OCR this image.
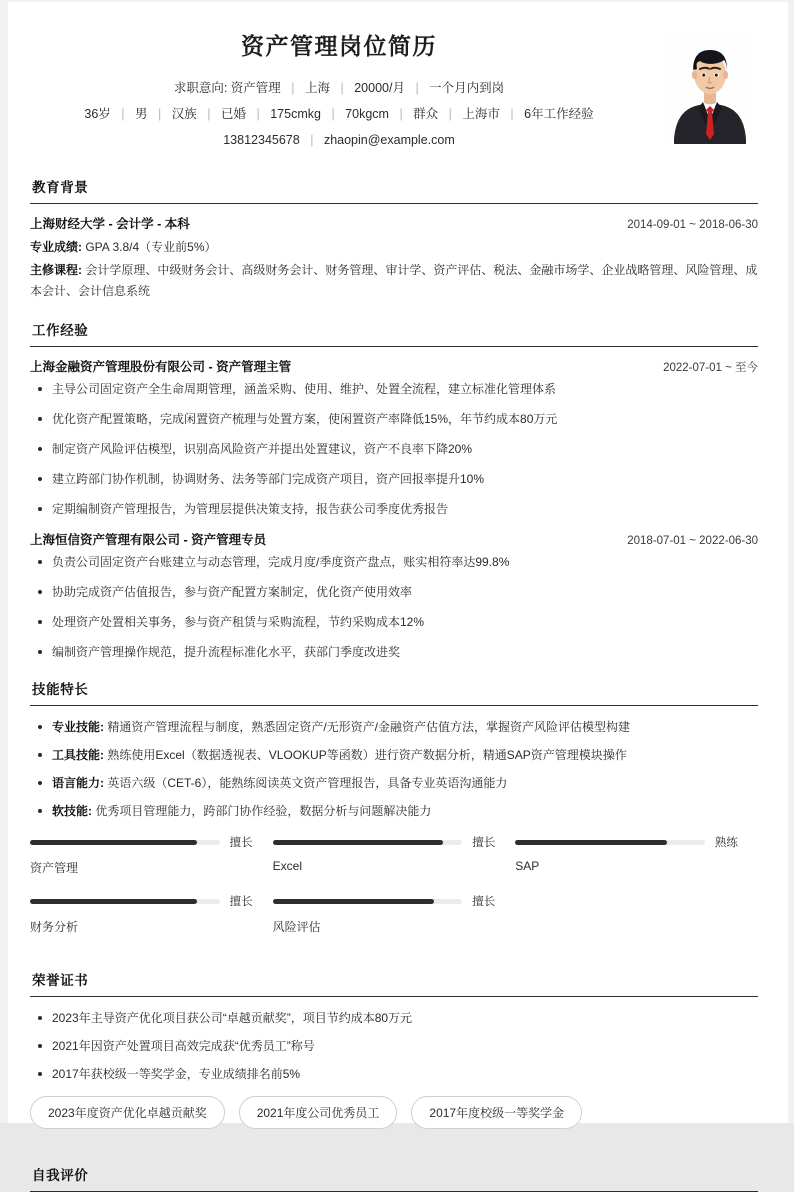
资产管理岗位简历
求职意向: 资产管理 | 上海 | 20000/月 | 一个月内到岗
36岁 | 男 | 汉族 | 已婚 | 175cmkg | 70kgcm | 群众 | 上海市 | 6年工作经验
13812345678 | zhaopin@example.com
教育背景
上海财经大学 - 会计学 - 本科	2014-09-01 ~ 2018-06-30
专业成绩: GPA 3.8/4（专业前5%）
主修课程: 会计学原理、中级财务会计、高级财务会计、财务管理、审计学、资产评估、税法、金融市场学、企业战略管理、风险管理、成本会计、会计信息系统
工作经验
上海金融资产管理股份有限公司 - 资产管理主管	2022-07-01 ~ 至今
主导公司固定资产全生命周期管理，涵盖采购、使用、维护、处置全流程，建立标准化管理体系
优化资产配置策略，完成闲置资产梳理与处置方案，使闲置资产率降低15%，年节约成本80万元
制定资产风险评估模型，识别高风险资产并提出处置建议，资产不良率下降20%
建立跨部门协作机制，协调财务、法务等部门完成资产项目，资产回报率提升10%
定期编制资产管理报告，为管理层提供决策支持，报告获公司季度优秀报告
上海恒信资产管理有限公司 - 资产管理专员	2018-07-01 ~ 2022-06-30
负责公司固定资产台账建立与动态管理，完成月度/季度资产盘点，账实相符率达99.8%
协助完成资产估值报告，参与资产配置方案制定，优化资产使用效率
处理资产处置相关事务，参与资产租赁与采购流程，节约采购成本12%
编制资产管理操作规范，提升流程标准化水平，获部门季度改进奖
技能特长
专业技能: 精通资产管理流程与制度，熟悉固定资产/无形资产/金融资产估值方法，掌握资产风险评估模型构建
工具技能: 熟练使用Excel（数据透视表、VLOOKUP等函数）进行资产数据分析，精通SAP资产管理模块操作
语言能力: 英语六级（CET-6），能熟练阅读英文资产管理报告，具备专业英语沟通能力
软技能: 优秀项目管理能力，跨部门协作经验，数据分析与问题解决能力
擅长
资产管理
擅长
Excel
熟练
SAP
擅长
财务分析
擅长
风险评估
荣誉证书
2023年主导资产优化项目获公司“卓越贡献奖”，项目节约成本80万元
2021年因资产处置项目高效完成获“优秀员工”称号
2017年获校级一等奖学金，专业成绩排名前5%
2023年度资产优化卓越贡献奖	2021年度公司优秀员工	2017年度校级一等奖学金
自我评价
